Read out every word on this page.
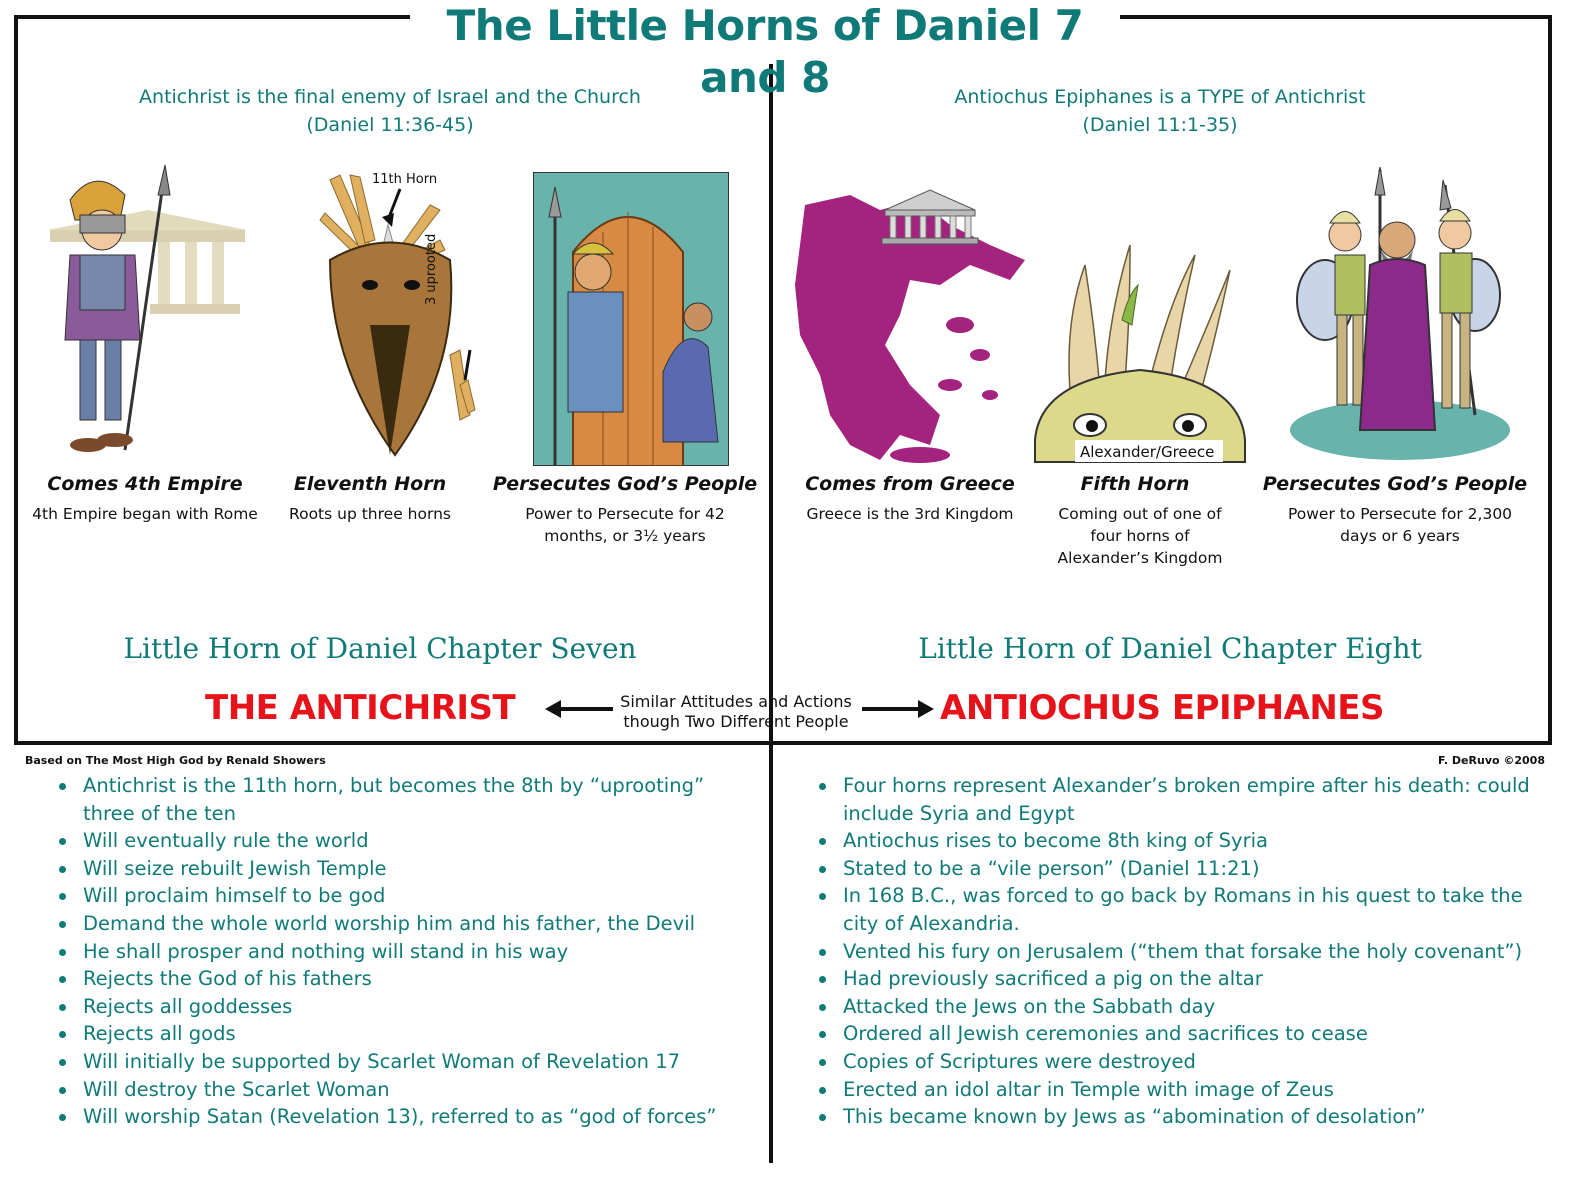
The Little Horns of Daniel 7 and 8
Antichrist is the final enemy of Israel and the Church
(Daniel 11:36-45)
Antiochus Epiphanes is a TYPE of Antichrist
(Daniel 11:1-35)
11th Horn
3 uprooted
Alexander/Greece
Comes 4th Empire
4th Empire began with Rome
Eleventh Horn
Roots up three horns
Persecutes God’s People
Power to Persecute for 42 months, or 3½ years
Comes from Greece
Greece is the 3rd Kingdom
Fifth Horn
Coming out of one of four horns of Alexander’s Kingdom
Persecutes God’s People
Power to Persecute for 2,300 days or 6 years
Little Horn of Daniel Chapter Seven	Little Horn of Daniel Chapter Eight
THE ANTICHRIST	ANTIOCHUS EPIPHANES
Similar Attitudes and Actions
though Two Different People
Based on The Most High God by Renald Showers	F. DeRuvo ©2008
Antichrist is the 11th horn, but becomes the 8th by “uprooting” three of the ten
Will eventually rule the world
Will seize rebuilt Jewish Temple
Will proclaim himself to be god
Demand the whole world worship him and his father, the Devil
He shall prosper and nothing will stand in his way
Rejects the God of his fathers
Rejects all goddesses
Rejects all gods
Will initially be supported by Scarlet Woman of Revelation 17
Will destroy the Scarlet Woman
Will worship Satan (Revelation 13), referred to as “god of forces”
Four horns represent Alexander’s broken empire after his death: could include Syria and Egypt
Antiochus rises to become 8th king of Syria
Stated to be a “vile person” (Daniel 11:21)
In 168 B.C., was forced to go back by Romans in his quest to take the city of Alexandria.
Vented his fury on Jerusalem (“them that forsake the holy covenant”)
Had previously sacrificed a pig on the altar
Attacked the Jews on the Sabbath day
Ordered all Jewish ceremonies and sacrifices to cease
Copies of Scriptures were destroyed
Erected an idol altar in Temple with image of Zeus
This became known by Jews as “abomination of desolation”
